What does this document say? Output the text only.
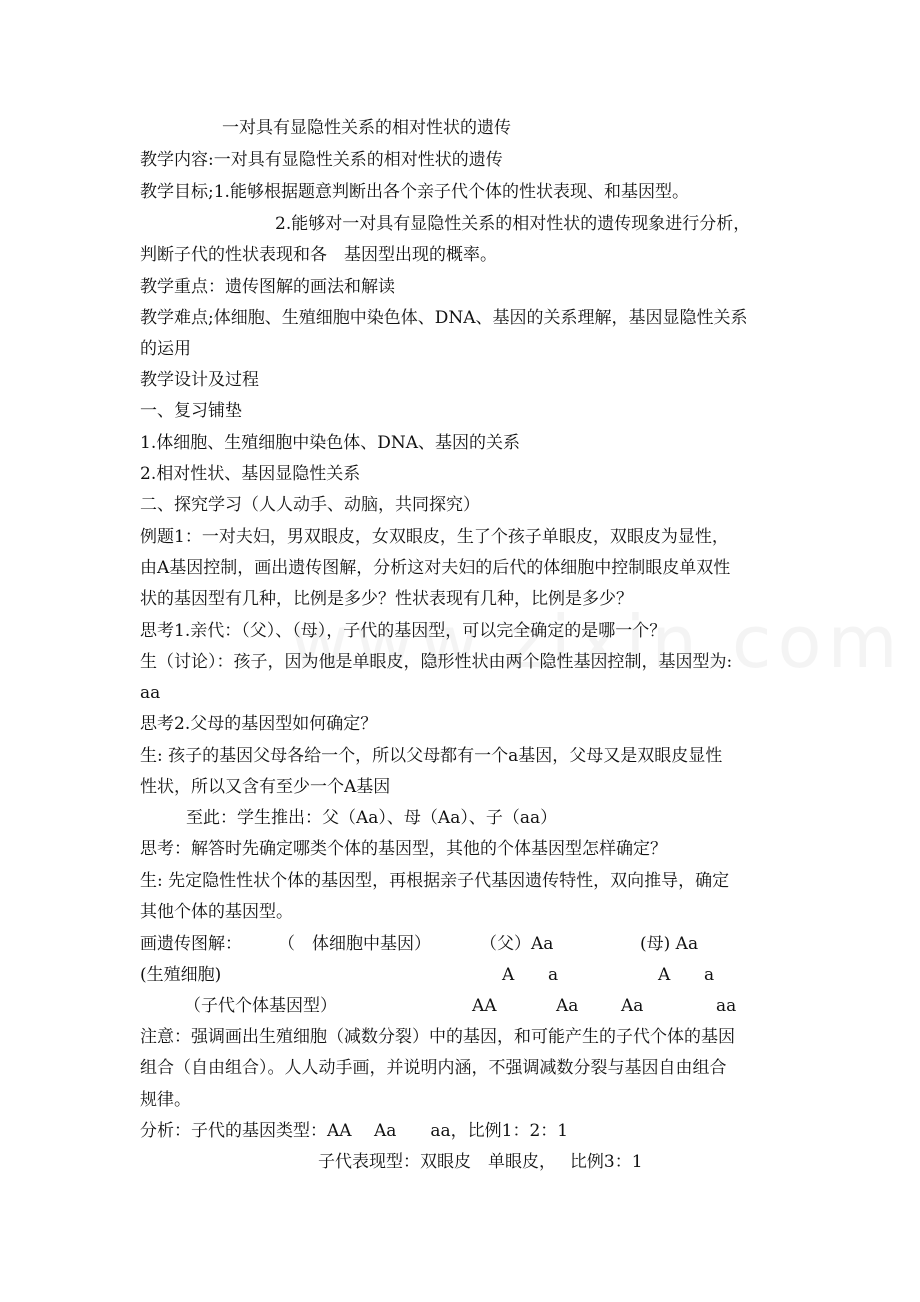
一对具有显隐性关系的相对性状的遗传
教学内容:一对具有显隐性关系的相对性状的遗传
教学目标;1.能够根据题意判断出各个亲子代个体的性状表现、和基因型。
2.能够对一对具有显隐性关系的相对性状的遗传现象进行分析，
判断子代的性状表现和各　基因型出现的概率。
教学重点：遗传图解的画法和解读
教学难点;体细胞、生殖细胞中染色体、DNA、基因的关系理解，基因显隐性关系
的运用
教学设计及过程
一、复习铺垫
1.体细胞、生殖细胞中染色体、DNA、基因的关系
2.相对性状、基因显隐性关系
二、探究学习（人人动手、动脑，共同探究）
例题1：一对夫妇，男双眼皮，女双眼皮，生了个孩子单眼皮，双眼皮为显性，
由A基因控制，画出遗传图解，分析这对夫妇的后代的体细胞中控制眼皮单双性
状的基因型有几种，比例是多少？性状表现有几种，比例是多少？
思考1.亲代：（父）、（母），子代的基因型，可以完全确定的是哪一个？
生（讨论）：孩子，因为他是单眼皮，隐形性状由两个隐性基因控制，基因型为:
aa
思考2.父母的基因型如何确定？
生: 孩子的基因父母各给一个，所以父母都有一个a基因，父母又是双眼皮显性
性状，所以又含有至少一个A基因
至此：学生推出：父（Aa）、母（Aa）、子（aa）
思考：解答时先确定哪类个体的基因型，其他的个体基因型怎样确定？
生: 先定隐性性状个体的基因型，再根据亲子代基因遗传特性，双向推导，确定
其他个体的基因型。
画遗传图解： （　体细胞中基因）	（父）Aa	(母) Aa
(生殖细胞)	A a	A a
（子代个体基因型）	AA	Aa	Aa	aa
注意：强调画出生殖细胞（减数分裂）中的基因，和可能产生的子代个体的基因
组合（自由组合）。人人动手画，并说明内涵，不强调减数分裂与基因自由组合
规律。
分析：子代的基因类型：AA　 Aa　　aa，比例1：2：1
子代表现型：双眼皮　单眼皮，　 比例3：1
